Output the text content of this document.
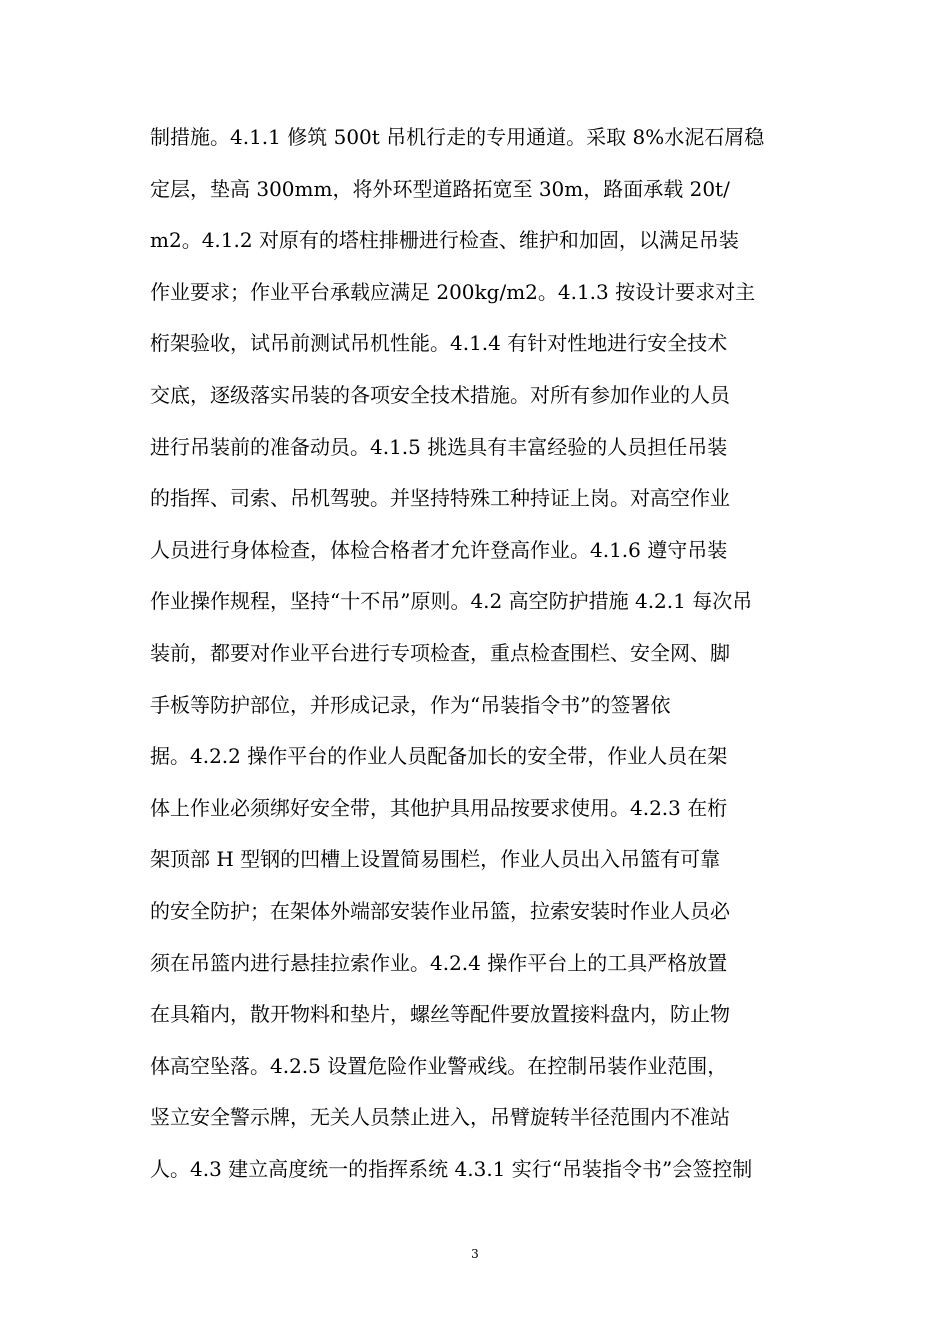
制措施。4.1.1 修筑 500t 吊机行走的专用通道。采取 8%水泥石屑稳
定层，垫高 300mm，将外环型道路拓宽至 30m，路面承载 20t/
m2。4.1.2 对原有的塔柱排栅进行检查、维护和加固，以满足吊装
作业要求；作业平台承载应满足 200kg/m2。4.1.3 按设计要求对主
桁架验收，试吊前测试吊机性能。4.1.4 有针对性地进行安全技术
交底，逐级落实吊装的各项安全技术措施。对所有参加作业的人员
进行吊装前的准备动员。4.1.5 挑选具有丰富经验的人员担任吊装
的指挥、司索、吊机驾驶。并坚持特殊工种持证上岗。对高空作业
人员进行身体检查，体检合格者才允许登高作业。4.1.6 遵守吊装
作业操作规程，坚持“十不吊”原则。4.2 高空防护措施 4.2.1 每次吊
装前，都要对作业平台进行专项检查，重点检查围栏、安全网、脚
手板等防护部位，并形成记录，作为“吊装指令书”的签署依
据。4.2.2 操作平台的作业人员配备加长的安全带，作业人员在架
体上作业必须绑好安全带，其他护具用品按要求使用。4.2.3 在桁
架顶部 H 型钢的凹槽上设置简易围栏，作业人员出入吊篮有可靠
的安全防护；在架体外端部安装作业吊篮，拉索安装时作业人员必
须在吊篮内进行悬挂拉索作业。4.2.4 操作平台上的工具严格放置
在具箱内，散开物料和垫片，螺丝等配件要放置接料盘内，防止物
体高空坠落。4.2.5 设置危险作业警戒线。在控制吊装作业范围，
竖立安全警示牌，无关人员禁止进入，吊臂旋转半径范围内不准站
人。4.3 建立高度统一的指挥系统 4.3.1 实行“吊装指令书”会签控制
3
